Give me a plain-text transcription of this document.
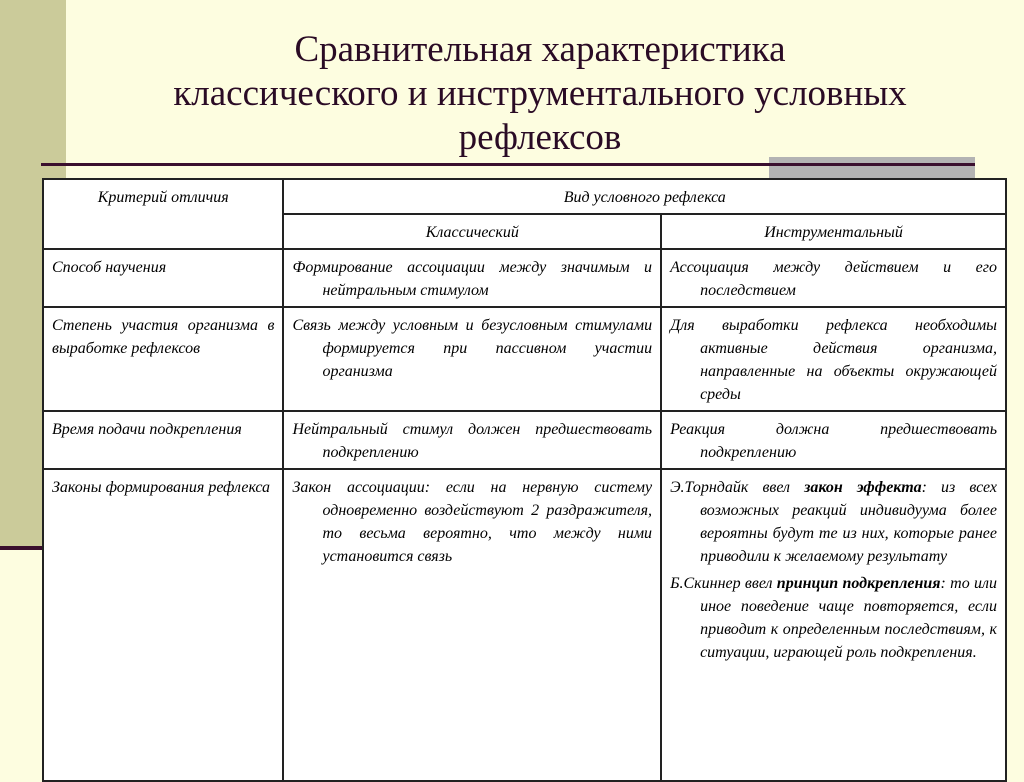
Сравнительная характеристика
классического и инструментального условных
рефлексов
Критерий отличия	Вид условного рефлекса	
	Классический	Инструментальный

Способ научения	Формирование ассоциации между значимым и нейтральным стимулом	Ассоциация между действием и его последствием

Степень участия организма в выработке рефлексов	Связь между условным и безусловным стимулами формируется при пассивном участии организма	Для выработки рефлекса необходимы активные действия организма, направленные на объекты окружающей среды

Время подачи подкрепления	Нейтральный стимул должен предшествовать подкреплению	Реакция должна предшествовать подкреплению

Законы формирования рефлекса	Закон ассоциации: если на нервную систему одновременно воздействуют 2 раздражителя, то весьма вероятно, что между ними установится связь	Э.Торндайк ввел закон эффекта: из всех возможных реакций индивидуума более вероятны будут те из них, которые ранее приводили к желаемому результату
Б.Скиннер ввел принцип подкрепления: то или иное поведение чаще повторяется, если приводит к определенным последствиям, к ситуации, играющей роль подкрепления.
